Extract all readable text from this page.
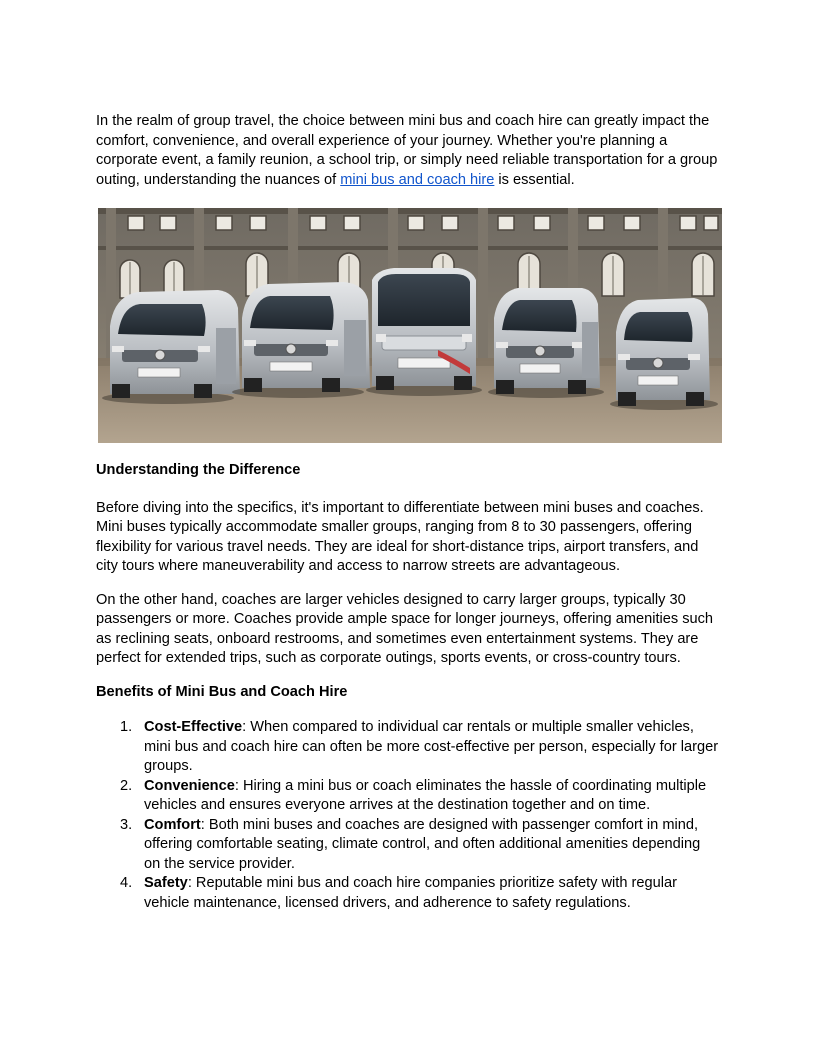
In the realm of group travel, the choice between mini bus and coach hire can greatly impact the comfort, convenience, and overall experience of your journey. Whether you're planning a corporate event, a family reunion, a school trip, or simply need reliable transportation for a group outing, understanding the nuances of mini bus and coach hire is essential.

Understanding the Difference

Before diving into the specifics, it's important to differentiate between mini buses and coaches. Mini buses typically accommodate smaller groups, ranging from 8 to 30 passengers, offering flexibility for various travel needs. They are ideal for short-distance trips, airport transfers, and city tours where maneuverability and access to narrow streets are advantageous.

On the other hand, coaches are larger vehicles designed to carry larger groups, typically 30 passengers or more. Coaches provide ample space for longer journeys, offering amenities such as reclining seats, onboard restrooms, and sometimes even entertainment systems. They are perfect for extended trips, such as corporate outings, sports events, or cross-country tours.

Benefits of Mini Bus and Coach Hire
1. Cost-Effective: When compared to individual car rentals or multiple smaller vehicles, mini bus and coach hire can often be more cost-effective per person, especially for larger groups.
2. Convenience: Hiring a mini bus or coach eliminates the hassle of coordinating multiple vehicles and ensures everyone arrives at the destination together and on time.
3. Comfort: Both mini buses and coaches are designed with passenger comfort in mind, offering comfortable seating, climate control, and often additional amenities depending on the service provider.
4. Safety: Reputable mini bus and coach hire companies prioritize safety with regular vehicle maintenance, licensed drivers, and adherence to safety regulations.
